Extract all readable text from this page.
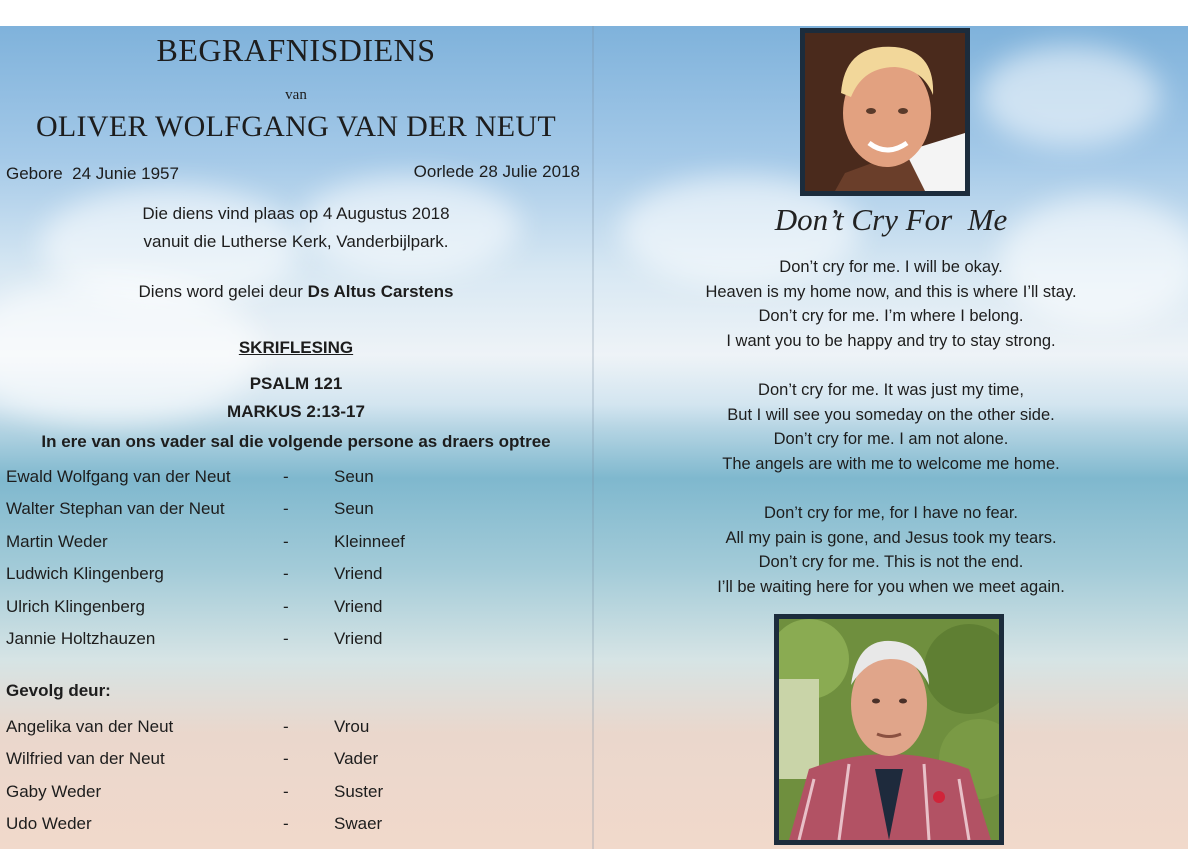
BEGRAFNISDIENS
van
OLIVER WOLFGANG VAN DER NEUT
Gebore  24 Junie 1957	Oorlede 28 Julie 2018
Die diens vind plaas op 4 Augustus 2018
vanuit die Lutherse Kerk, Vanderbijlpark.
Diens word gelei deur Ds Altus Carstens
SKRIFLESING
PSALM 121
MARKUS 2:13-17
In ere van ons vader sal die volgende persone as draers optree
Ewald Wolfgang van der Neut	-	Seun
Walter Stephan van der Neut	-	Seun
Martin Weder	-	Kleinneef
Ludwich Klingenberg	-	Vriend
Ulrich Klingenberg	-	Vriend
Jannie Holtzhauzen	-	Vriend
Gevolg deur:
Angelika van der Neut	-	Vrou
Wilfried van der Neut	-	Vader
Gaby Weder	-	Suster
Udo Weder	-	Swaer
Don’t Cry For  Me
Don’t cry for me. I will be okay.
Heaven is my home now, and this is where I’ll stay.
Don’t cry for me. I’m where I belong.
I want you to be happy and try to stay strong.
Don’t cry for me. It was just my time,
But I will see you someday on the other side.
Don’t cry for me. I am not alone.
The angels are with me to welcome me home.
Don’t cry for me, for I have no fear.
All my pain is gone, and Jesus took my tears.
Don’t cry for me. This is not the end.
I’ll be waiting here for you when we meet again.
